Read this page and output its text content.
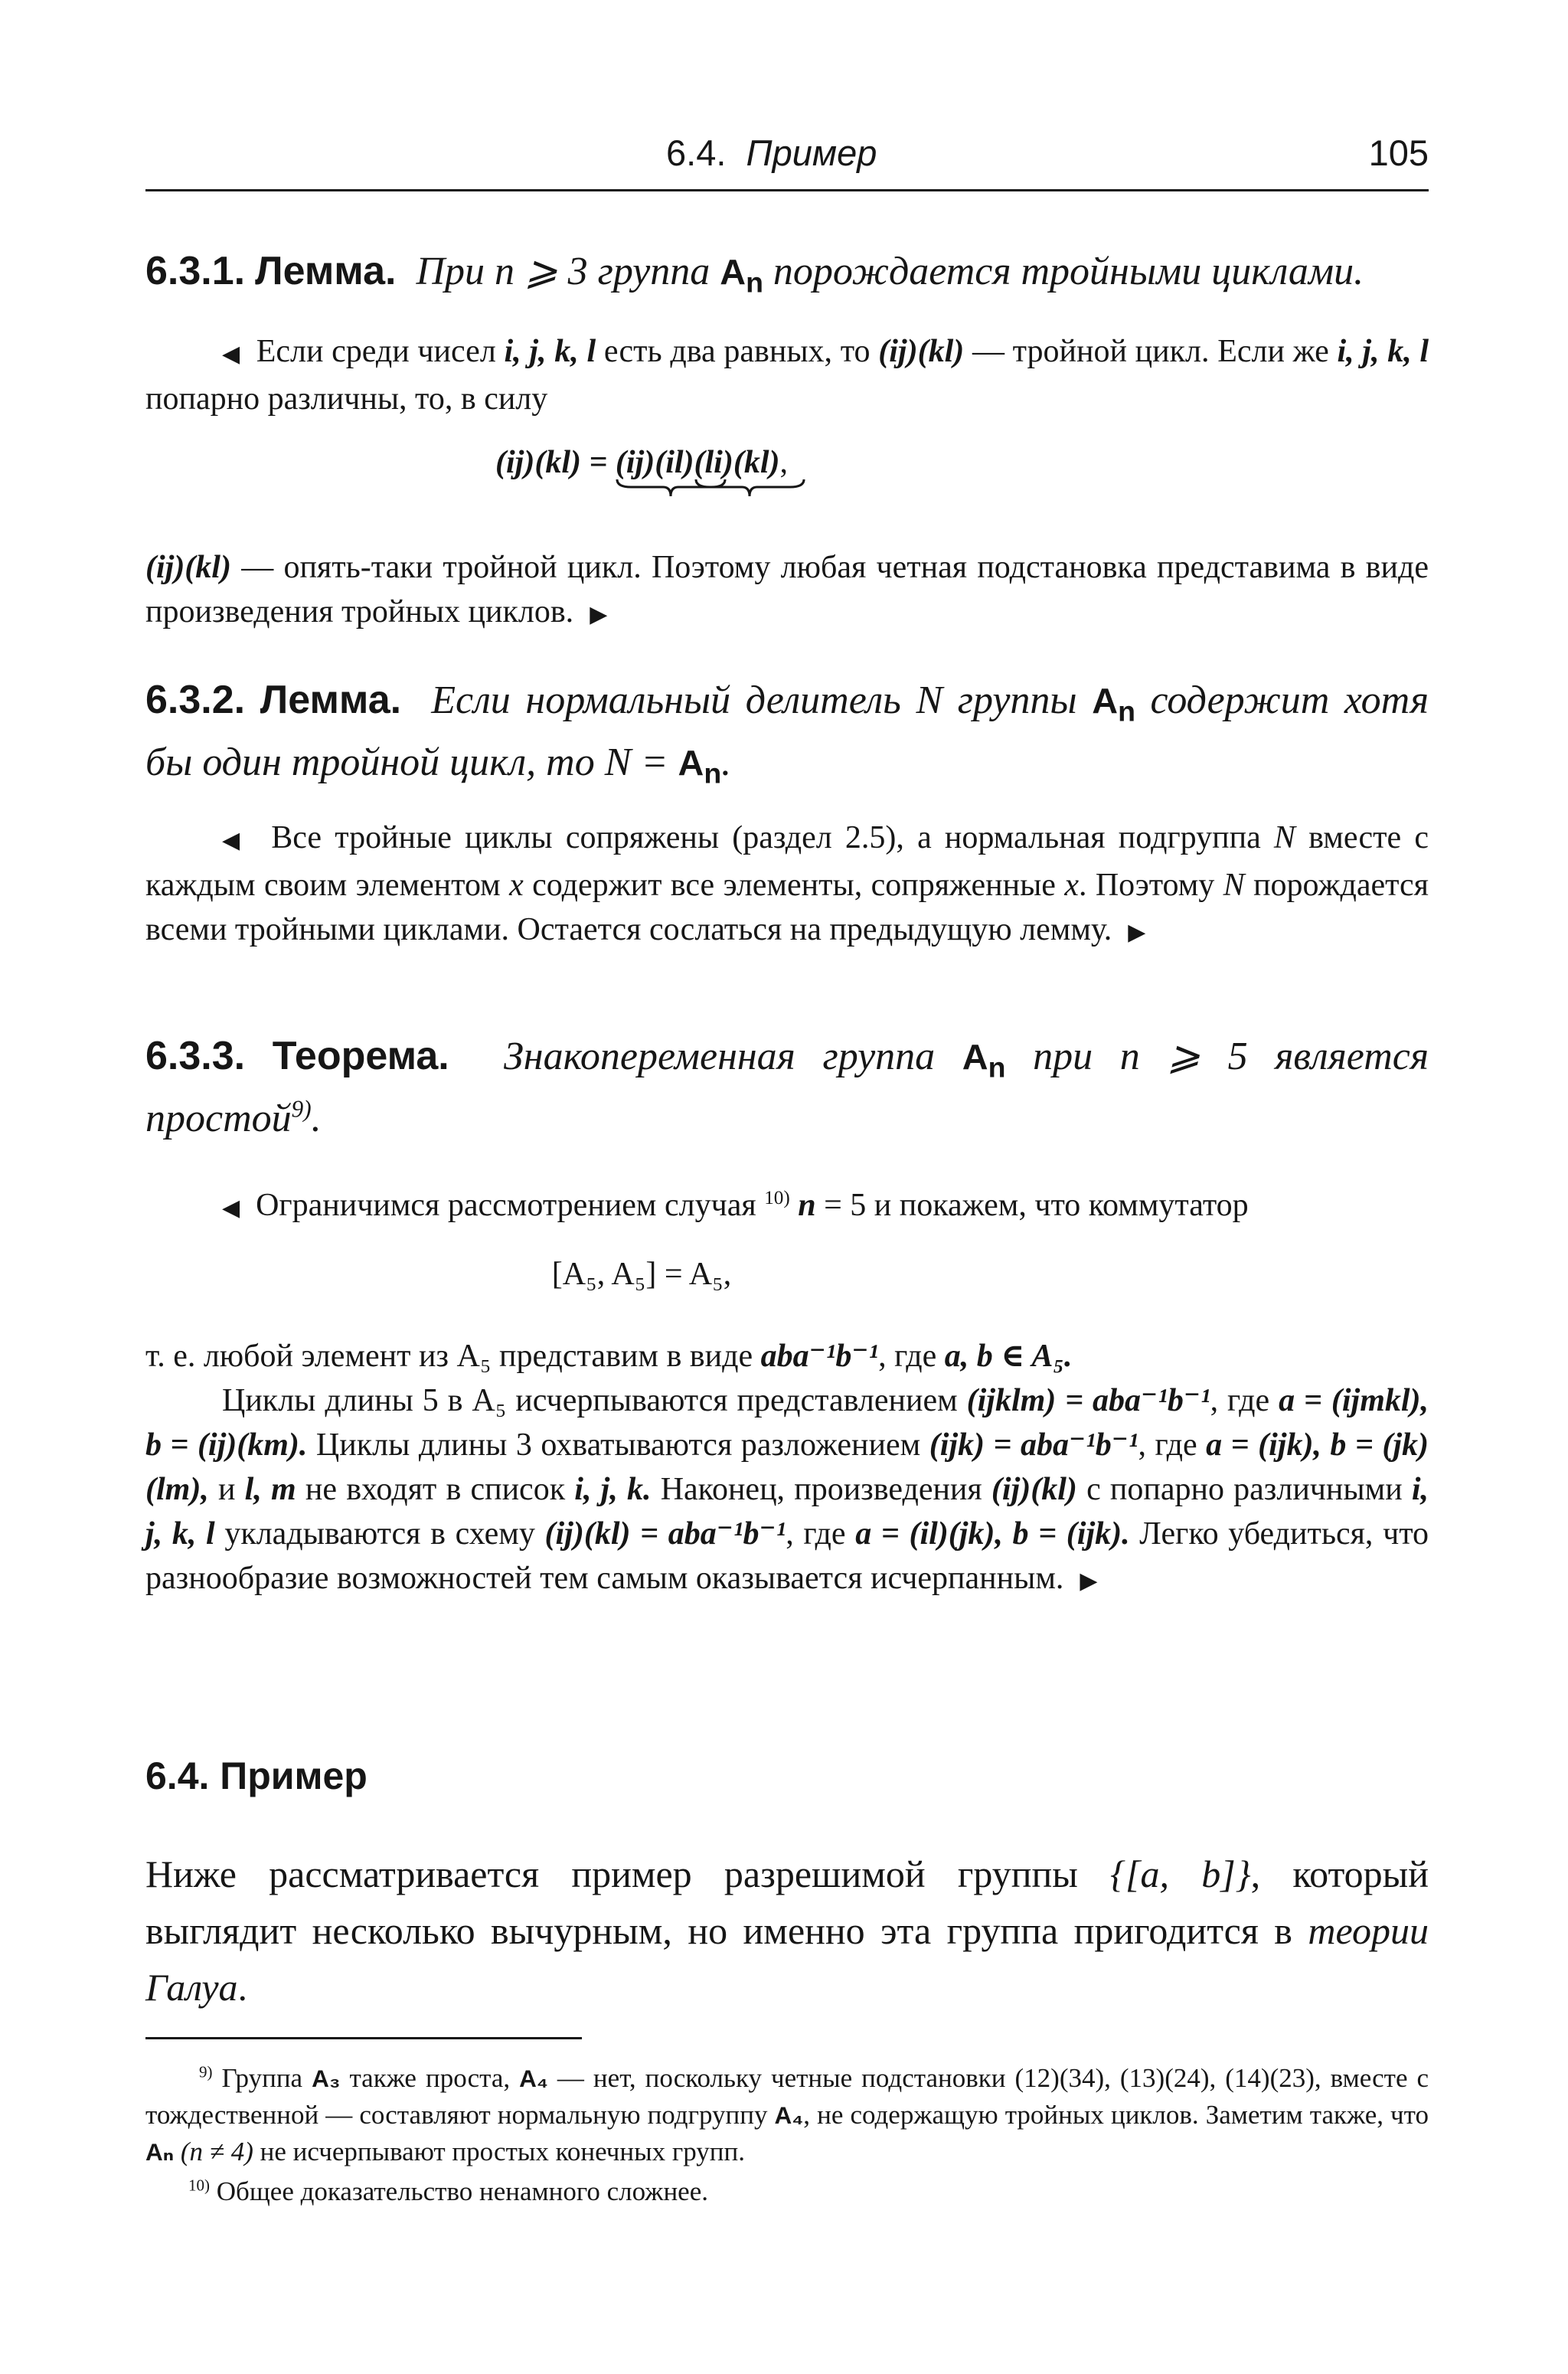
6.4. Пример	105

6.3.1. Лемма. При n ⩾ 3 группа $A_n$ порождается тройными циклами.

◀ Если среди чисел i, j, k, l есть два равных, то (ij)(kl) — тройной цикл. Если же i, j, k, l попарно различны, то, в силу

(ij)(kl) = (ij)(il)
(li)(kl)
,

(ij)(kl) — опять-таки тройной цикл. Поэтому любая четная подстановка представима в виде произведения тройных циклов. ▶

6.3.2. Лемма. Если нормальный делитель N группы $A_n$ содержит хотя бы один тройной цикл, то $N = A_n$.

◀ Все тройные циклы сопряжены (раздел 2.5), а нормальная подгруппа N вместе с каждым своим элементом x содержит все элементы, сопряженные x. Поэтому N порождается всеми тройными циклами. Остается сослаться на предыдущую лемму. ▶

6.3.3. Теорема. Знакопеременная группа $A_n$ при n ⩾ 5 является простой$^{9)}$.

◀ Ограничимся рассмотрением случая $^{10)}$ n = 5 и покажем, что коммутатор

[A₅, A₅] = A₅,

т. е. любой элемент из A₅ представим в виде aba⁻¹b⁻¹, где a, b ∈ A₅.

Циклы длины 5 в A₅ исчерпываются представлением (ijklm) = aba⁻¹b⁻¹, где a = (ijmkl), b = (ij)(km). Циклы длины 3 охватываются разложением (ijk) = aba⁻¹b⁻¹, где a = (ijk), b = (jk)(lm), и l, m не входят в список i, j, k. Наконец, произведения (ij)(kl) с попарно различными i, j, k, l укладываются в схему (ij)(kl) = aba⁻¹b⁻¹, где a = (il)(jk), b = (ijk). Легко убедиться, что разнообразие возможностей тем самым оказывается исчерпанным. ▶

6.4. Пример

Ниже рассматривается пример разрешимой группы {[a, b]}, который выглядит несколько вычурным, но именно эта группа пригодится в теории Галуа.

$^{9)}$ Группа A₃ также проста, A₄ — нет, поскольку четные подстановки (12)(34), (13)(24), (14)(23), вместе с тождественной — составляют нормальную подгруппу A₄, не содержащую тройных циклов. Заметим также, что Aₙ (n ≠ 4) не исчерпывают простых конечных групп.

$^{10)}$ Общее доказательство ненамного сложнее.
